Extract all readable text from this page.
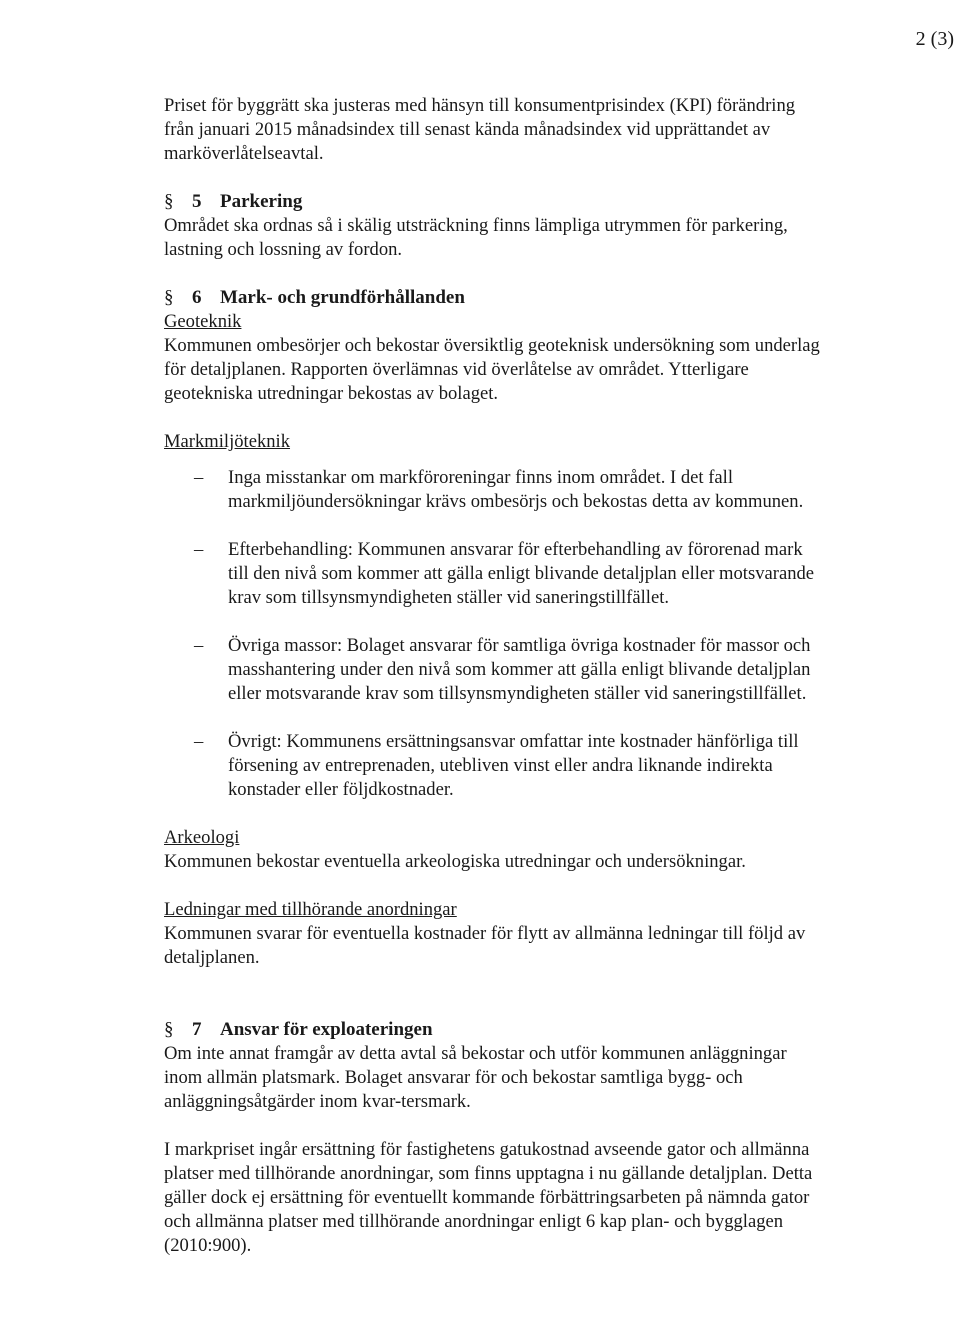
2 (3)

Priset för byggrätt ska justeras med hänsyn till konsumentprisindex (KPI) förändring från januari 2015 månadsindex till senast kända månadsindex vid upprättandet av marköverlåtelseavtal.

§ 5 Parkering

Området ska ordnas så i skälig utsträckning finns lämpliga utrymmen för parkering, lastning och lossning av fordon.

§ 6 Mark- och grundförhållanden

Geoteknik

Kommunen ombesörjer och bekostar översiktlig geoteknisk undersökning som underlag för detaljplanen. Rapporten överlämnas vid överlåtelse av området. Ytterligare geotekniska utredningar bekostas av bolaget.

Markmiljöteknik

– Inga misstankar om markföroreningar finns inom området. I det fall markmiljöundersökningar krävs ombesörjs och bekostas detta av kommunen.
– Efterbehandling: Kommunen ansvarar för efterbehandling av förorenad mark till den nivå som kommer att gälla enligt blivande detaljplan eller motsvarande krav som tillsynsmyndigheten ställer vid saneringstillfället.
– Övriga massor: Bolaget ansvarar för samtliga övriga kostnader för massor och masshantering under den nivå som kommer att gälla enligt blivande detaljplan eller motsvarande krav som tillsynsmyndigheten ställer vid saneringstillfället.
– Övrigt: Kommunens ersättningsansvar omfattar inte kostnader hänförliga till försening av entreprenaden, utebliven vinst eller andra liknande indirekta konstader eller följdkostnader.

Arkeologi

Kommunen bekostar eventuella arkeologiska utredningar och undersökningar.

Ledningar med tillhörande anordningar

Kommunen svarar för eventuella kostnader för flytt av allmänna ledningar till följd av detaljplanen.

§ 7 Ansvar för exploateringen

Om inte annat framgår av detta avtal så bekostar och utför kommunen anläggningar inom allmän platsmark. Bolaget ansvarar för och bekostar samtliga bygg- och anläggningsåtgärder inom kvar-tersmark.

I markpriset ingår ersättning för fastighetens gatukostnad avseende gator och allmänna platser med tillhörande anordningar, som finns upptagna i nu gällande detaljplan. Detta gäller dock ej ersättning för eventuellt kommande förbättringsarbeten på nämnda gator och allmänna platser med tillhörande anordningar enligt 6 kap plan- och bygglagen (2010:900).
